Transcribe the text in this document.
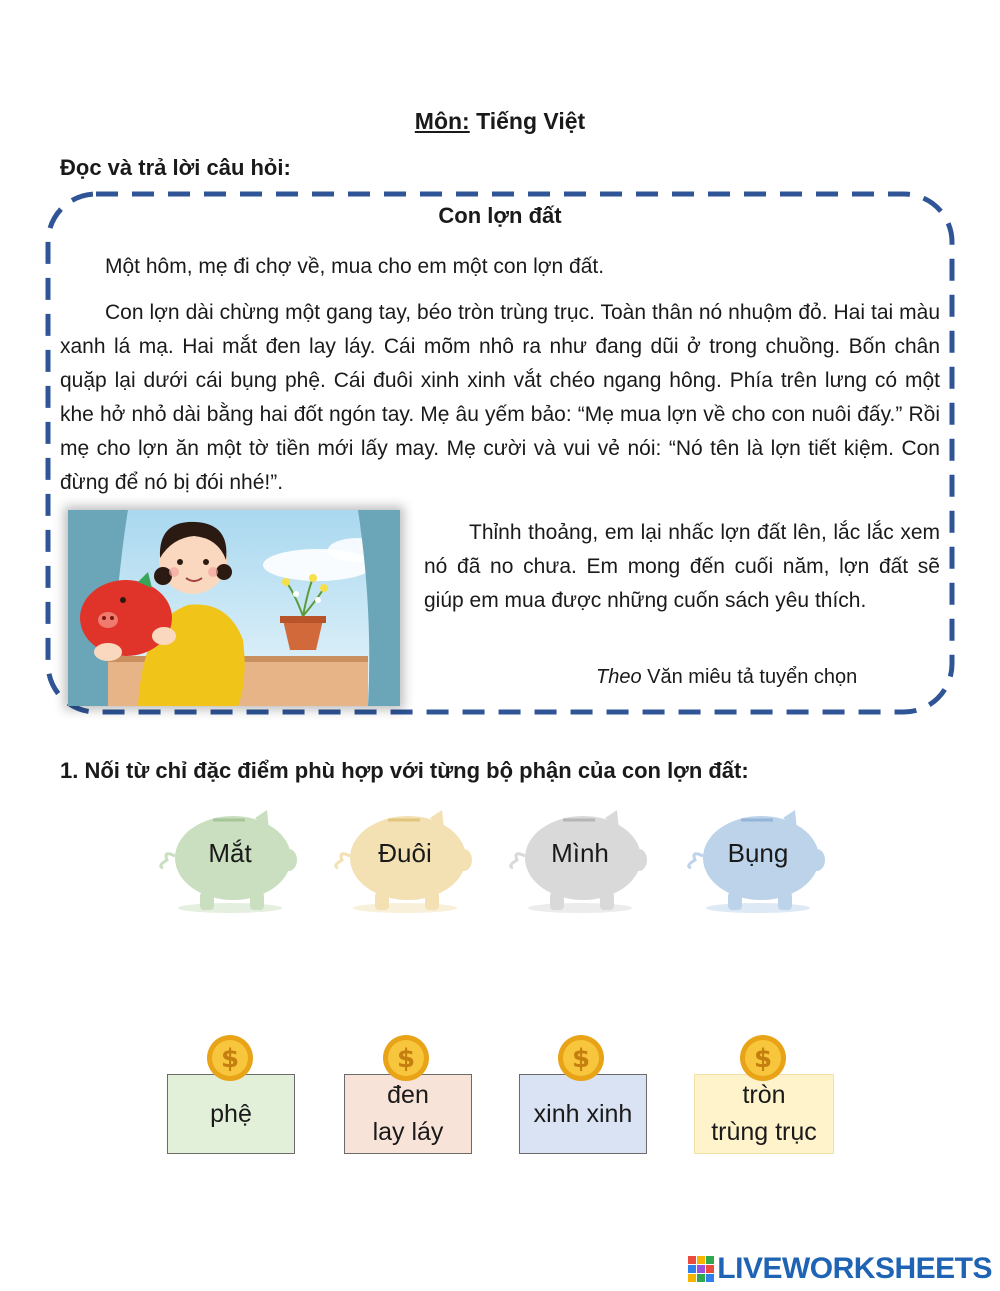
Môn: Tiếng Việt
Đọc và trả lời câu hỏi:
Con lợn đất

Một hôm, mẹ đi chợ về, mua cho em một con lợn đất.

Con lợn dài chừng một gang tay, béo tròn trùng trục. Toàn thân nó nhuộm đỏ. Hai tai màu xanh lá mạ. Hai mắt đen lay láy. Cái mõm nhô ra như đang dũi ở trong chuồng. Bốn chân quặp lại dưới cái bụng phệ. Cái đuôi xinh xinh vắt chéo ngang hông. Phía trên lưng có một khe hở nhỏ dài bằng hai đốt ngón tay. Mẹ âu yếm bảo: “Mẹ mua lợn về cho con nuôi đấy.” Rồi mẹ cho lợn ăn một tờ tiền mới lấy may. Mẹ cười và vui vẻ nói: “Nó tên là lợn tiết kiệm. Con đừng để nó bị đói nhé!”.

Thỉnh thoảng, em lại nhấc lợn đất lên, lắc lắc xem nó đã no chưa. Em mong đến cuối năm, lợn đất sẽ giúp em mua được những cuốn sách yêu thích.

Theo Văn miêu tả tuyển chọn
1. Nối từ chỉ đặc điểm phù hợp với từng bộ phận của con lợn đất:
Mắt	Đuôi	Mình	Bụng
phệ
đen
lay láy
xinh xinh
tròn
trùng trục
$	$	$	$
LIVEWORKSHEETS
